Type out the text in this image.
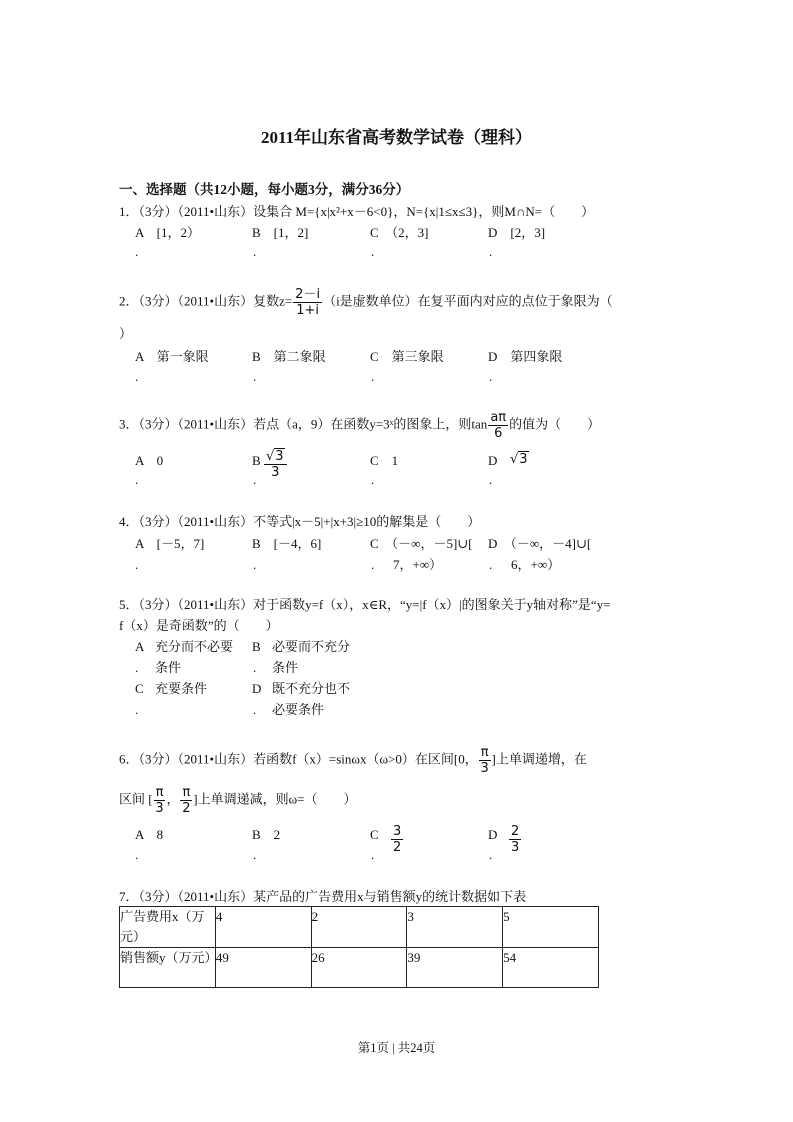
2011年山东省高考数学试卷（理科）
一、选择题（共12小题，每小题3分，满分36分）
1．（3分）（2011•山东）设集合 M={x|x²+x－6<0}，N={x|1≤x≤3}，则M∩N=（　　）
A　[1，2）	B　[1，2]	C　（2，3]	D　[2，3]
.	.	.	.
2．（3分）（2011•山东）复数$z= \frac{2-i}{1+i} (i$是虚数单位）在复平面内对应的点位于象限为（
）
A　第一象限	B　第二象限	C　第三象限	D　第四象限
.	.	.	.
3．（3分）（2011•山东）若点（a，9）在函数y=3ˣ的图象上，则$\tan \frac{a\pi}{6}$ 的值为（　　）
A　0	B $\frac{√3}{3}$	C　1	D √3
.	.	.	.
4．（3分）（2011•山东）不等式|x－5|+|x+3|≥10的解集是（　　）
A　[－5，7]	B　[－4，6]	C　（－∞，－5]∪[ D　（－∞，－4]∪[
.	.	. 7，+∞）	. 6，+∞）
5．（3分）（2011•山东）对于函数y=f（x），x∈R，“y=|f（x）|的图象关于y轴对称”是“y=
f（x）是奇函数”的（　　）
A 充分而不必要
. 条件
B 必要而不充分
. 条件
C 充要条件
.
D 既不充分也不
. 必要条件
6．（3分）（2011•山东）若函数f（x）=sinωx（ω>0）在区间[0， $\frac{\pi}{3}$ ]上单调递增，在
区间 [ $\frac{\pi}{3}$ ， $\frac{\pi}{2}$ ]上单调递减，则ω=（　　）
A　8	B　2	C $\frac{3}{2}$	D $\frac{2}{3}$
.	.	.	.
7．（3分）（2011•山东）某产品的广告费用x与销售额y的统计数据如下表
广告费用x（万元）	4	2	3	5
销售额y（万元）	49	26	39	54
第1页 | 共24页
